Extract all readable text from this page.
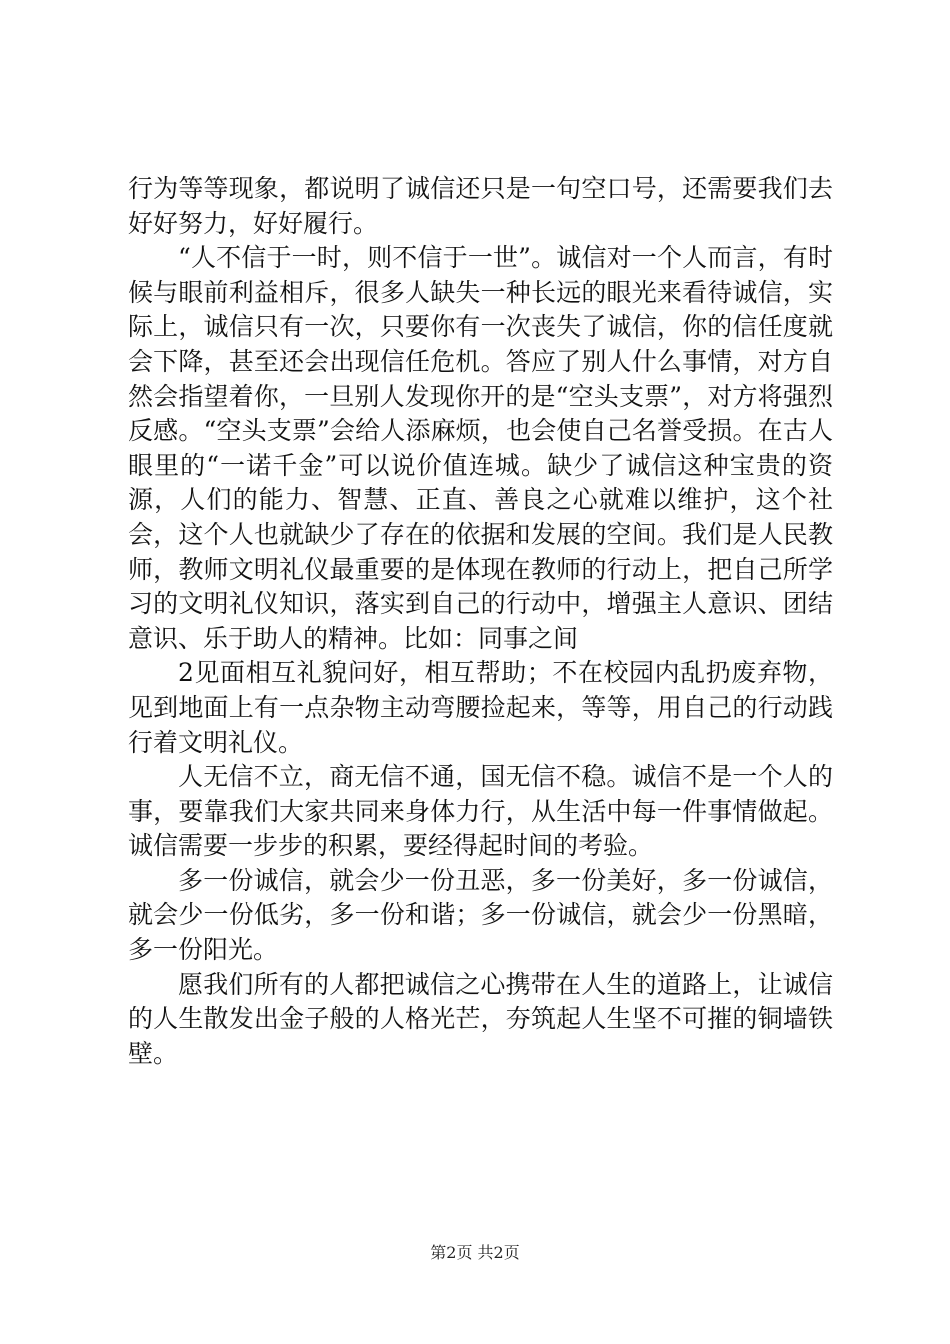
行为等等现象，都说明了诚信还只是一句空口号，还需要我们去好好努力，好好履行。

“人不信于一时，则不信于一世”。诚信对一个人而言，有时候与眼前利益相斥，很多人缺失一种长远的眼光来看待诚信，实际上，诚信只有一次，只要你有一次丧失了诚信，你的信任度就会下降，甚至还会出现信任危机。答应了别人什么事情，对方自然会指望着你，一旦别人发现你开的是“空头支票”，对方将强烈反感。“空头支票”会给人添麻烦，也会使自己名誉受损。在古人眼里的“一诺千金”可以说价值连城。缺少了诚信这种宝贵的资源，人们的能力、智慧、正直、善良之心就难以维护，这个社会，这个人也就缺少了存在的依据和发展的空间。我们是人民教师，教师文明礼仪最重要的是体现在教师的行动上，把自己所学习的文明礼仪知识，落实到自己的行动中，增强主人意识、团结意识、乐于助人的精神。比如：同事之间

2见面相互礼貌问好，相互帮助；不在校园内乱扔废弃物，见到地面上有一点杂物主动弯腰捡起来，等等，用自己的行动践行着文明礼仪。

人无信不立，商无信不通，国无信不稳。诚信不是一个人的事，要靠我们大家共同来身体力行，从生活中每一件事情做起。诚信需要一步步的积累，要经得起时间的考验。

多一份诚信，就会少一份丑恶，多一份美好，多一份诚信，就会少一份低劣，多一份和谐；多一份诚信，就会少一份黑暗，多一份阳光。

愿我们所有的人都把诚信之心携带在人生的道路上，让诚信的人生散发出金子般的人格光芒，夯筑起人生坚不可摧的铜墙铁壁。

第2页 共2页
